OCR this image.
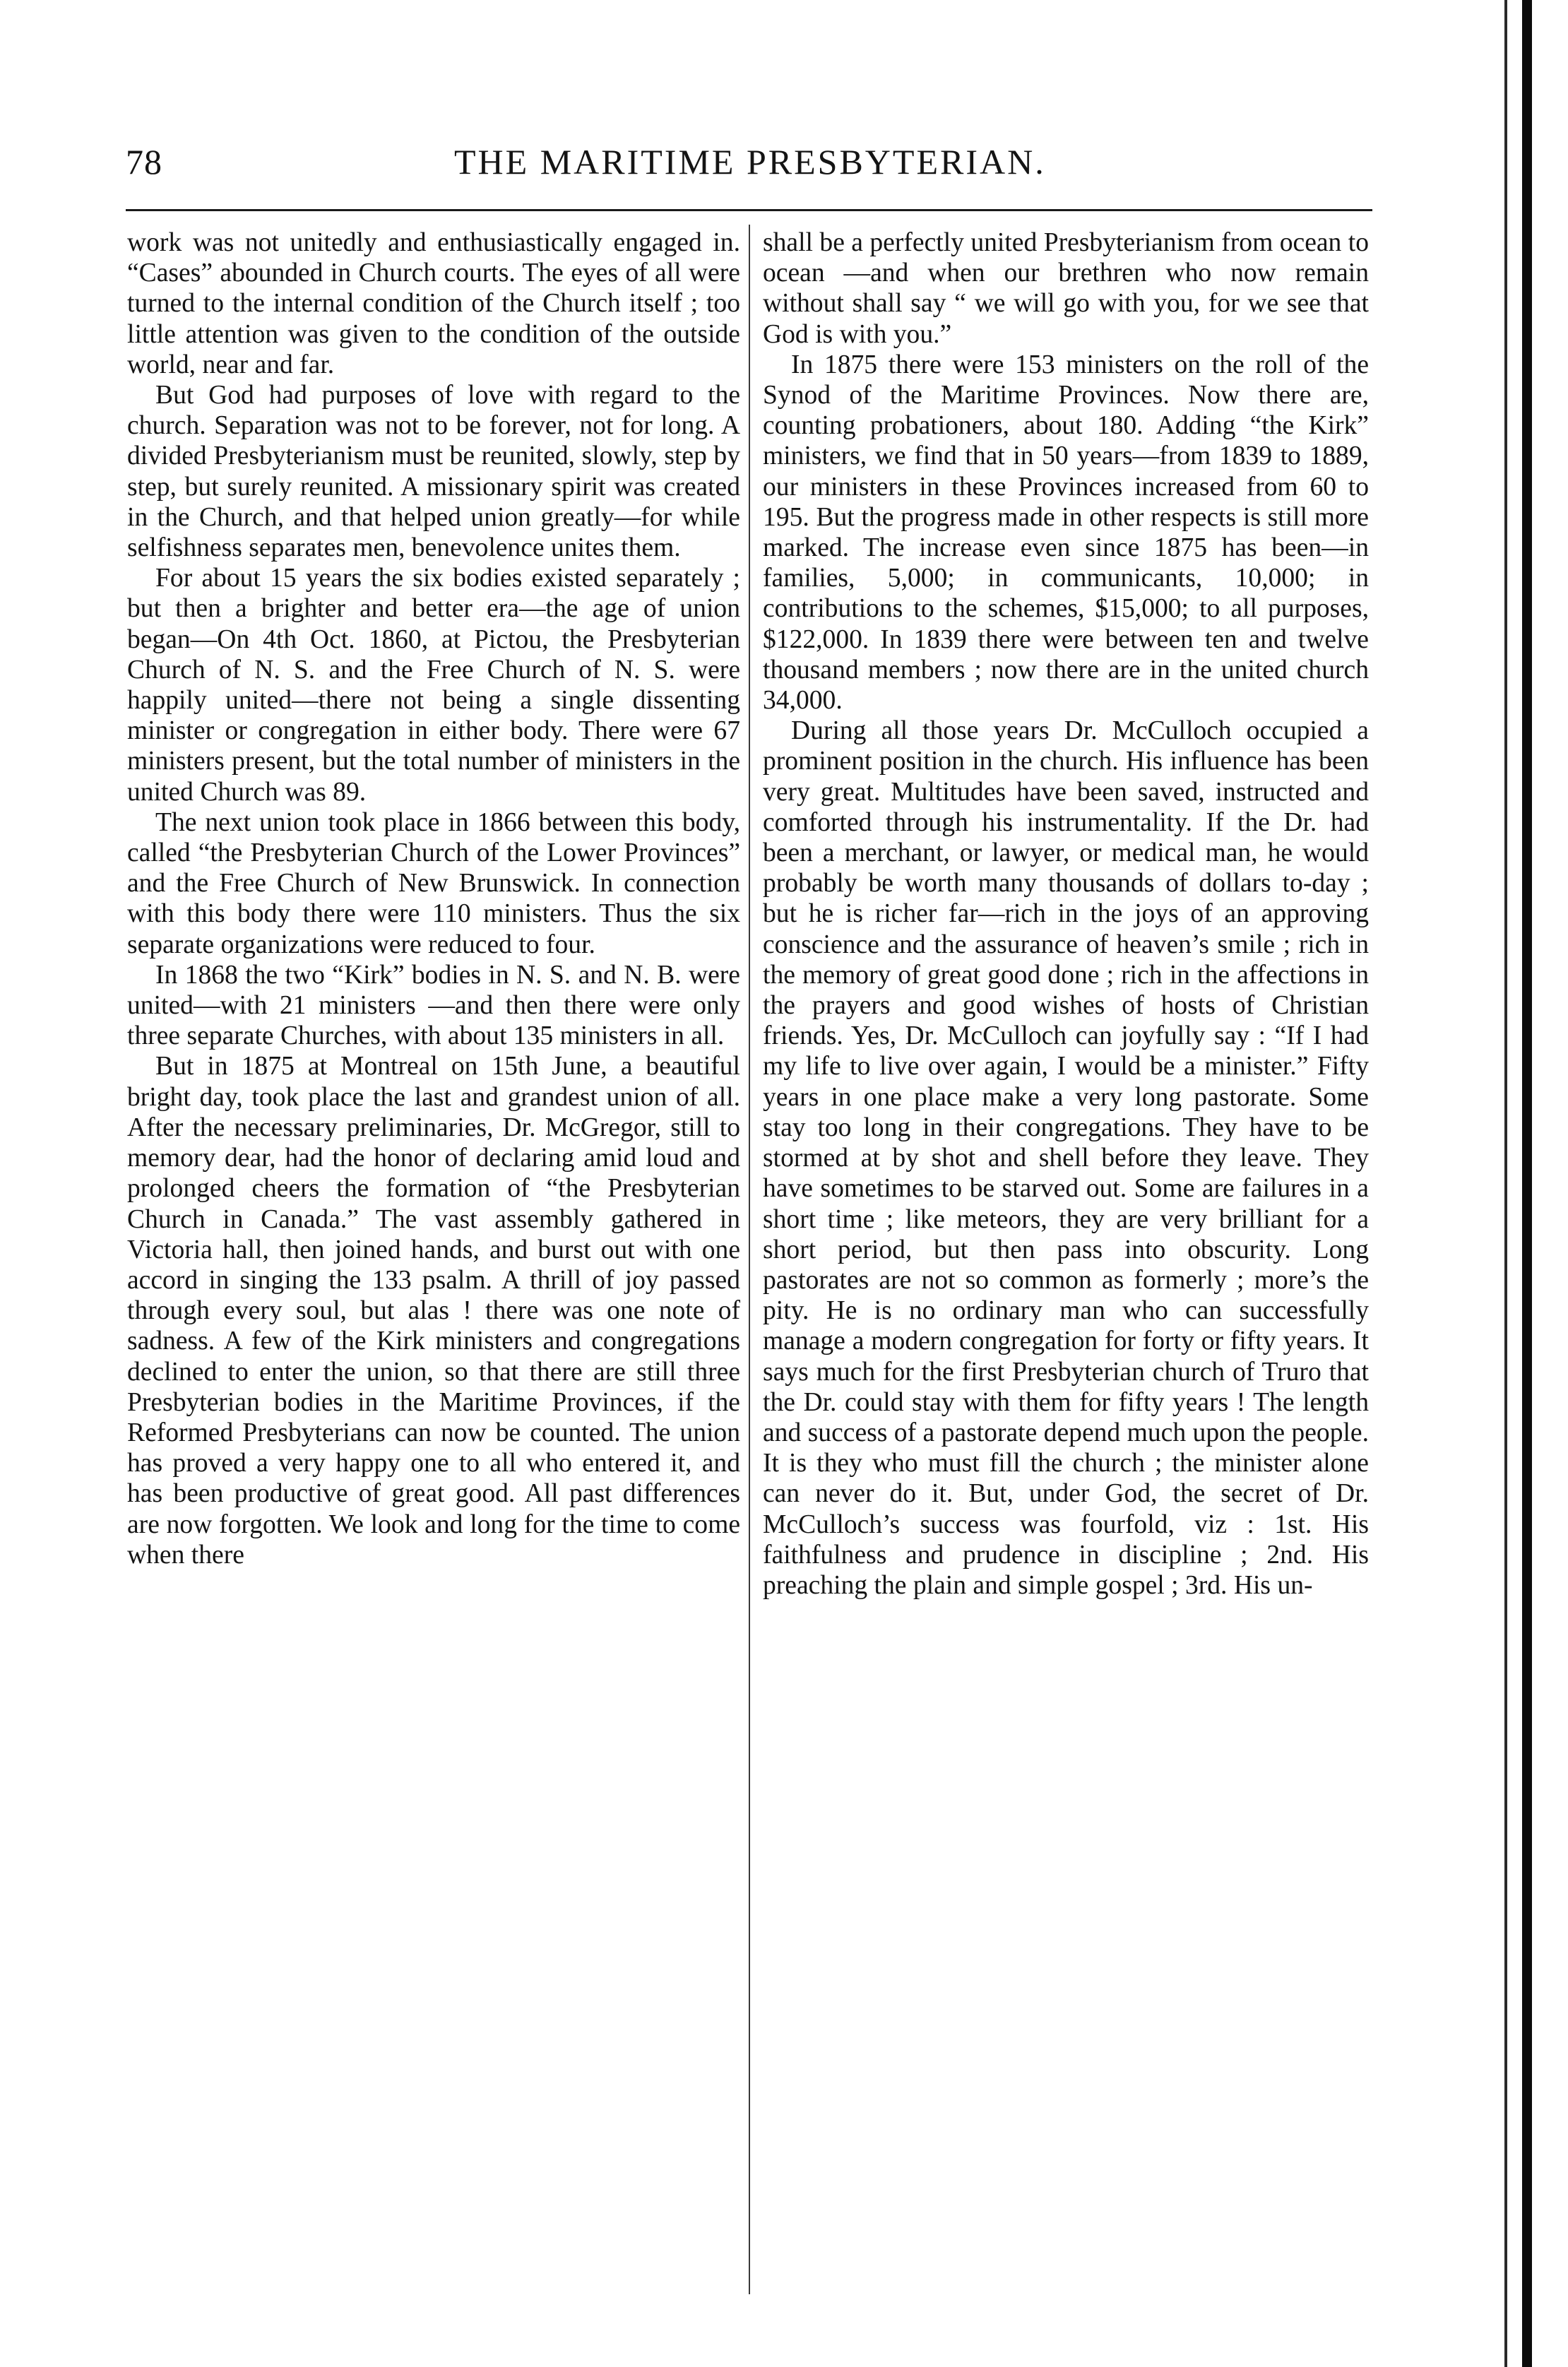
78	THE MARITIME PRESBYTERIAN.

work was not unitedly and enthusiastically engaged in. “Cases” abounded in Church courts. The eyes of all were turned to the internal condition of the Church itself ; too little attention was given to the condition of the outside world, near and far.

But God had purposes of love with regard to the church. Separation was not to be forever, not for long. A divided Presbyterianism must be reunited, slowly, step by step, but surely reunited. A missionary spirit was created in the Church, and that helped union greatly—for while selfishness separates men, benevolence unites them.

For about 15 years the six bodies existed separately ; but then a brighter and better era—the age of union began—On 4th Oct. 1860, at Pictou, the Presbyterian Church of N. S. and the Free Church of N. S. were happily united—there not being a single dissenting minister or congregation in either body. There were 67 ministers present, but the total number of ministers in the united Church was 89.

The next union took place in 1866 between this body, called “the Presbyterian Church of the Lower Provinces” and the Free Church of New Brunswick. In connection with this body there were 110 ministers. Thus the six separate organizations were reduced to four.

In 1868 the two “Kirk” bodies in N. S. and N. B. were united—with 21 ministers —and then there were only three separate Churches, with about 135 ministers in all.

But in 1875 at Montreal on 15th June, a beautiful bright day, took place the last and grandest union of all. After the necessary preliminaries, Dr. McGregor, still to memory dear, had the honor of declaring amid loud and prolonged cheers the formation of “the Presbyterian Church in Canada.” The vast assembly gathered in Victoria hall, then joined hands, and burst out with one accord in singing the 133 psalm. A thrill of joy passed through every soul, but alas ! there was one note of sadness. A few of the Kirk ministers and congregations declined to enter the union, so that there are still three Presbyterian bodies in the Maritime Provinces, if the Reformed Presbyterians can now be counted. The union has proved a very happy one to all who entered it, and has been productive of great good. All past differences are now forgotten. We look and long for the time to come when there

shall be a perfectly united Presbyterianism from ocean to ocean —and when our brethren who now remain without shall say “ we will go with you, for we see that God is with you.”

In 1875 there were 153 ministers on the roll of the Synod of the Maritime Provinces. Now there are, counting probationers, about 180. Adding “the Kirk” ministers, we find that in 50 years—from 1839 to 1889, our ministers in these Provinces increased from 60 to 195. But the progress made in other respects is still more marked. The increase even since 1875 has been—in families, 5,000; in communicants, 10,000; in contributions to the schemes, $15,000; to all purposes, $122,000. In 1839 there were between ten and twelve thousand members ; now there are in the united church 34,000.

During all those years Dr. McCulloch occupied a prominent position in the church. His influence has been very great. Multitudes have been saved, instructed and comforted through his instrumentality. If the Dr. had been a merchant, or lawyer, or medical man, he would probably be worth many thousands of dollars to-day ; but he is richer far—rich in the joys of an approving conscience and the assurance of heaven’s smile ; rich in the memory of great good done ; rich in the affections in the prayers and good wishes of hosts of Christian friends. Yes, Dr. McCulloch can joyfully say : “If I had my life to live over again, I would be a minister.” Fifty years in one place make a very long pastorate. Some stay too long in their congregations. They have to be stormed at by shot and shell before they leave. They have sometimes to be starved out. Some are failures in a short time ; like meteors, they are very brilliant for a short period, but then pass into obscurity. Long pastorates are not so common as formerly ; more’s the pity. He is no ordinary man who can successfully manage a modern congregation for forty or fifty years. It says much for the first Presbyterian church of Truro that the Dr. could stay with them for fifty years ! The length and success of a pastorate depend much upon the people. It is they who must fill the church ; the minister alone can never do it. But, under God, the secret of Dr. McCulloch’s success was fourfold, viz : 1st. His faithfulness and prudence in discipline ; 2nd. His preaching the plain and simple gospel ; 3rd. His un-
